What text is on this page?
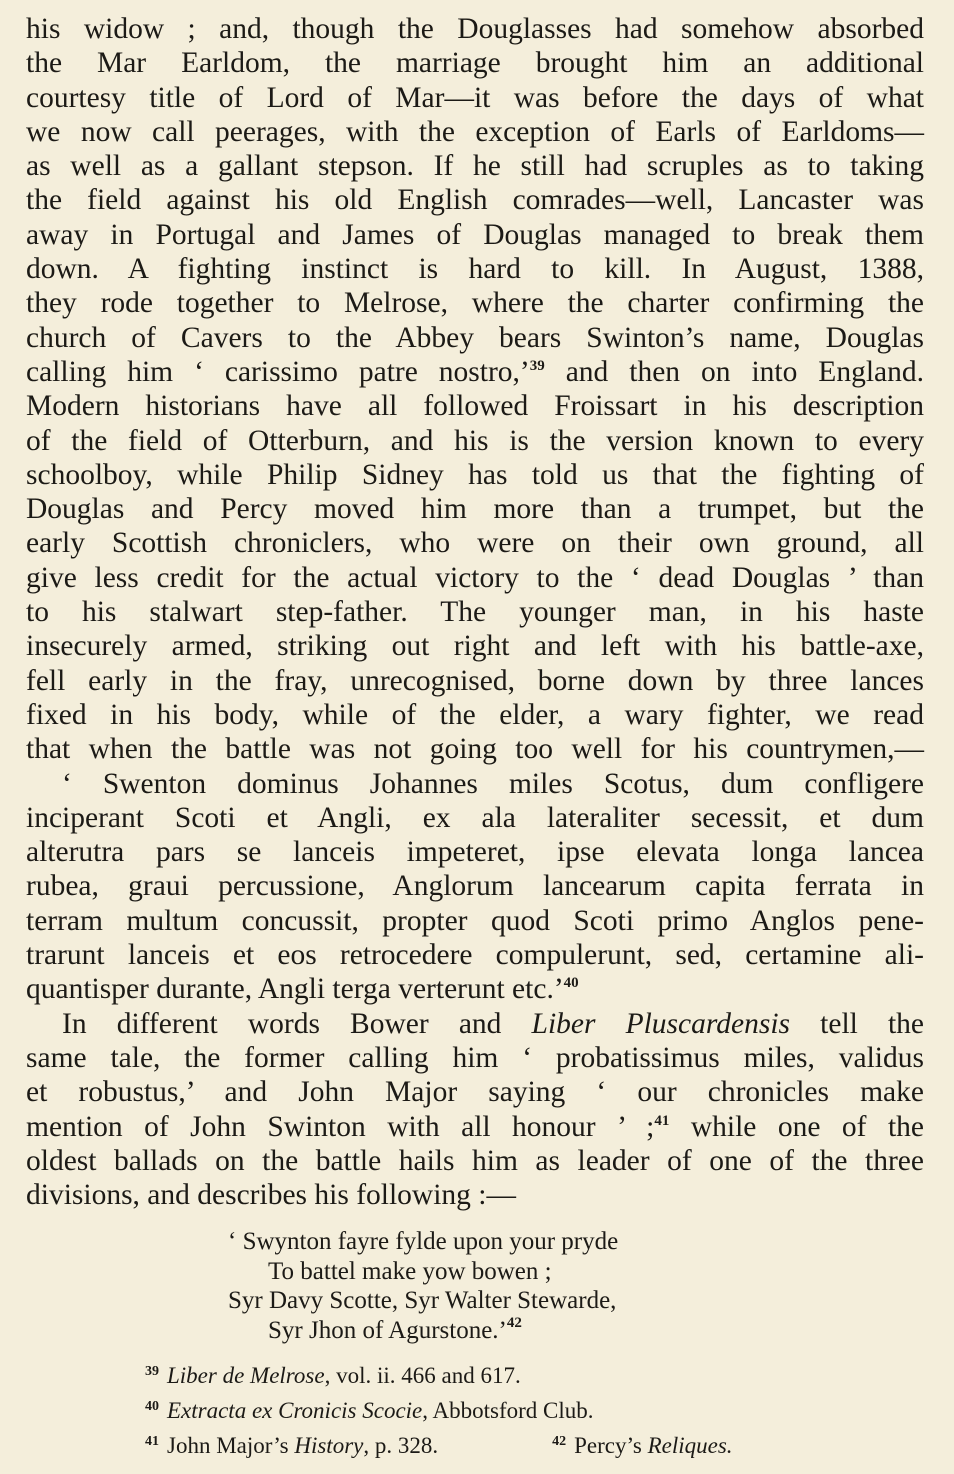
his widow ; and, though the Douglasses had somehow absorbed
the Mar Earldom, the marriage brought him an additional
courtesy title of Lord of Mar—it was before the days of what
we now call peerages, with the exception of Earls of Earldoms—
as well as a gallant stepson. If he still had scruples as to taking
the field against his old English comrades—well, Lancaster was
away in Portugal and James of Douglas managed to break them
down. A fighting instinct is hard to kill. In August, 1388,
they rode together to Melrose, where the charter confirming the
church of Cavers to the Abbey bears Swinton’s name, Douglas
calling him ‘ carissimo patre nostro,’$^{39}$ and then on into England.
Modern historians have all followed Froissart in his description
of the field of Otterburn, and his is the version known to every
schoolboy, while Philip Sidney has told us that the fighting of
Douglas and Percy moved him more than a trumpet, but the
early Scottish chroniclers, who were on their own ground, all
give less credit for the actual victory to the ‘ dead Douglas ’ than
to his stalwart step-father. The younger man, in his haste
insecurely armed, striking out right and left with his battle-axe,
fell early in the fray, unrecognised, borne down by three lances
fixed in his body, while of the elder, a wary fighter, we read
that when the battle was not going too well for his countrymen,—
‘ Swenton dominus Johannes miles Scotus, dum confligere
inciperant Scoti et Angli, ex ala lateraliter secessit, et dum
alterutra pars se lanceis impeteret, ipse elevata longa lancea
rubea, graui percussione, Anglorum lancearum capita ferrata in
terram multum concussit, propter quod Scoti primo Anglos pene-
trarunt lanceis et eos retrocedere compulerunt, sed, certamine ali-
quantisper durante, Angli terga verterunt etc.’$^{40}$
In different words Bower and Liber Pluscardensis tell the
same tale, the former calling him ‘ probatissimus miles, validus
et robustus,’ and John Major saying ‘ our chronicles make
mention of John Swinton with all honour ’ ;$^{41}$ while one of the
oldest ballads on the battle hails him as leader of one of the three
divisions, and describes his following :—
‘ Swynton fayre fylde upon your pryde
To battel make yow bowen ;
Syr Davy Scotte, Syr Walter Stewarde,
Syr Jhon of Agurstone.’$^{42}$
$^{39}$ Liber de Melrose, vol. ii. 466 and 617.
$^{40}$ Extracta ex Cronicis Scocie, Abbotsford Club.
$^{41}$ John Major’s History, p. 328.	$^{42}$ Percy’s Reliques.
